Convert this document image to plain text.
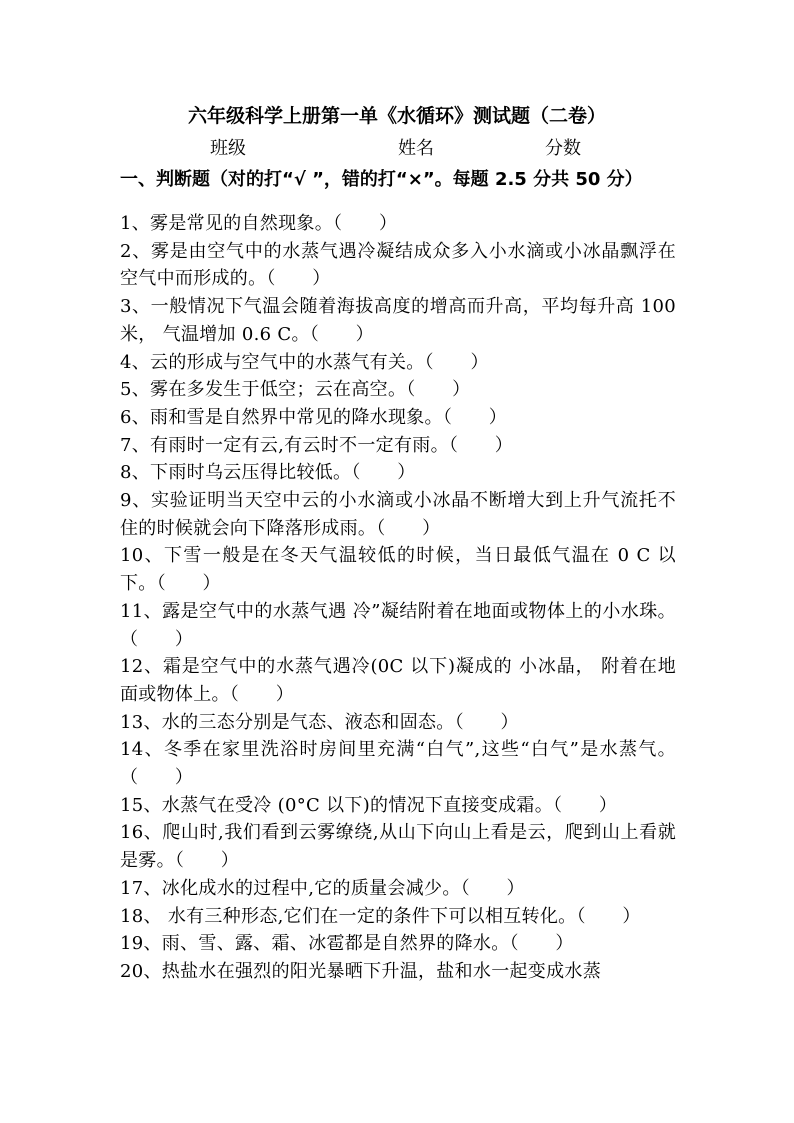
六年级科学上册第一单《水循环》测试题（二卷）
班级	姓名	分数
一、判断题（对的打“√ ”，错的打“×”。每题 2.5 分共 50 分）
1、雾是常见的自然现象。（　　）
2、雾是由空气中的水蒸气遇冷凝结成众多入小水滴或小冰晶飘浮在空气中而形成的。（　　）
3、一般情况下气温会随着海拔高度的增高而升高，平均每升高 100 米， 气温增加 0.6 C。（　　）
4、云的形成与空气中的水蒸气有关。（　　）
5、雾在多发生于低空；云在高空。（　　）
6、雨和雪是自然界中常见的降水现象。（　　）
7、有雨时一定有云,有云时不一定有雨。（　　）
8、下雨时乌云压得比较低。（　　）
9、实验证明当天空中云的小水滴或小冰晶不断增大到上升气流托不住的时候就会向下降落形成雨。（　　）
10、下雪一般是在冬天气温较低的时候，当日最低气温在 0 C 以下。（　　）
11、露是空气中的水蒸气遇 冷”凝结附着在地面或物体上的小水珠。（　　）
12、霜是空气中的水蒸气遇冷(0C 以下)凝成的 小冰晶， 附着在地面或物体上。（　　）
13、水的三态分别是气态、液态和固态。（　　）
14、冬季在家里洗浴时房间里充满“白气”,这些“白气”是水蒸气。（　　）
15、水蒸气在受冷 (0°C 以下)的情况下直接变成霜。（　　）
16、爬山时,我们看到云雾缭绕,从山下向山上看是云，爬到山上看就是雾。（　　）
17、冰化成水的过程中,它的质量会减少。（　　）
18、 水有三种形态,它们在一定的条件下可以相互转化。（　　）
19、雨、雪、露、霜、冰雹都是自然界的降水。（　　）
20、热盐水在强烈的阳光暴晒下升温，盐和水一起变成水蒸
